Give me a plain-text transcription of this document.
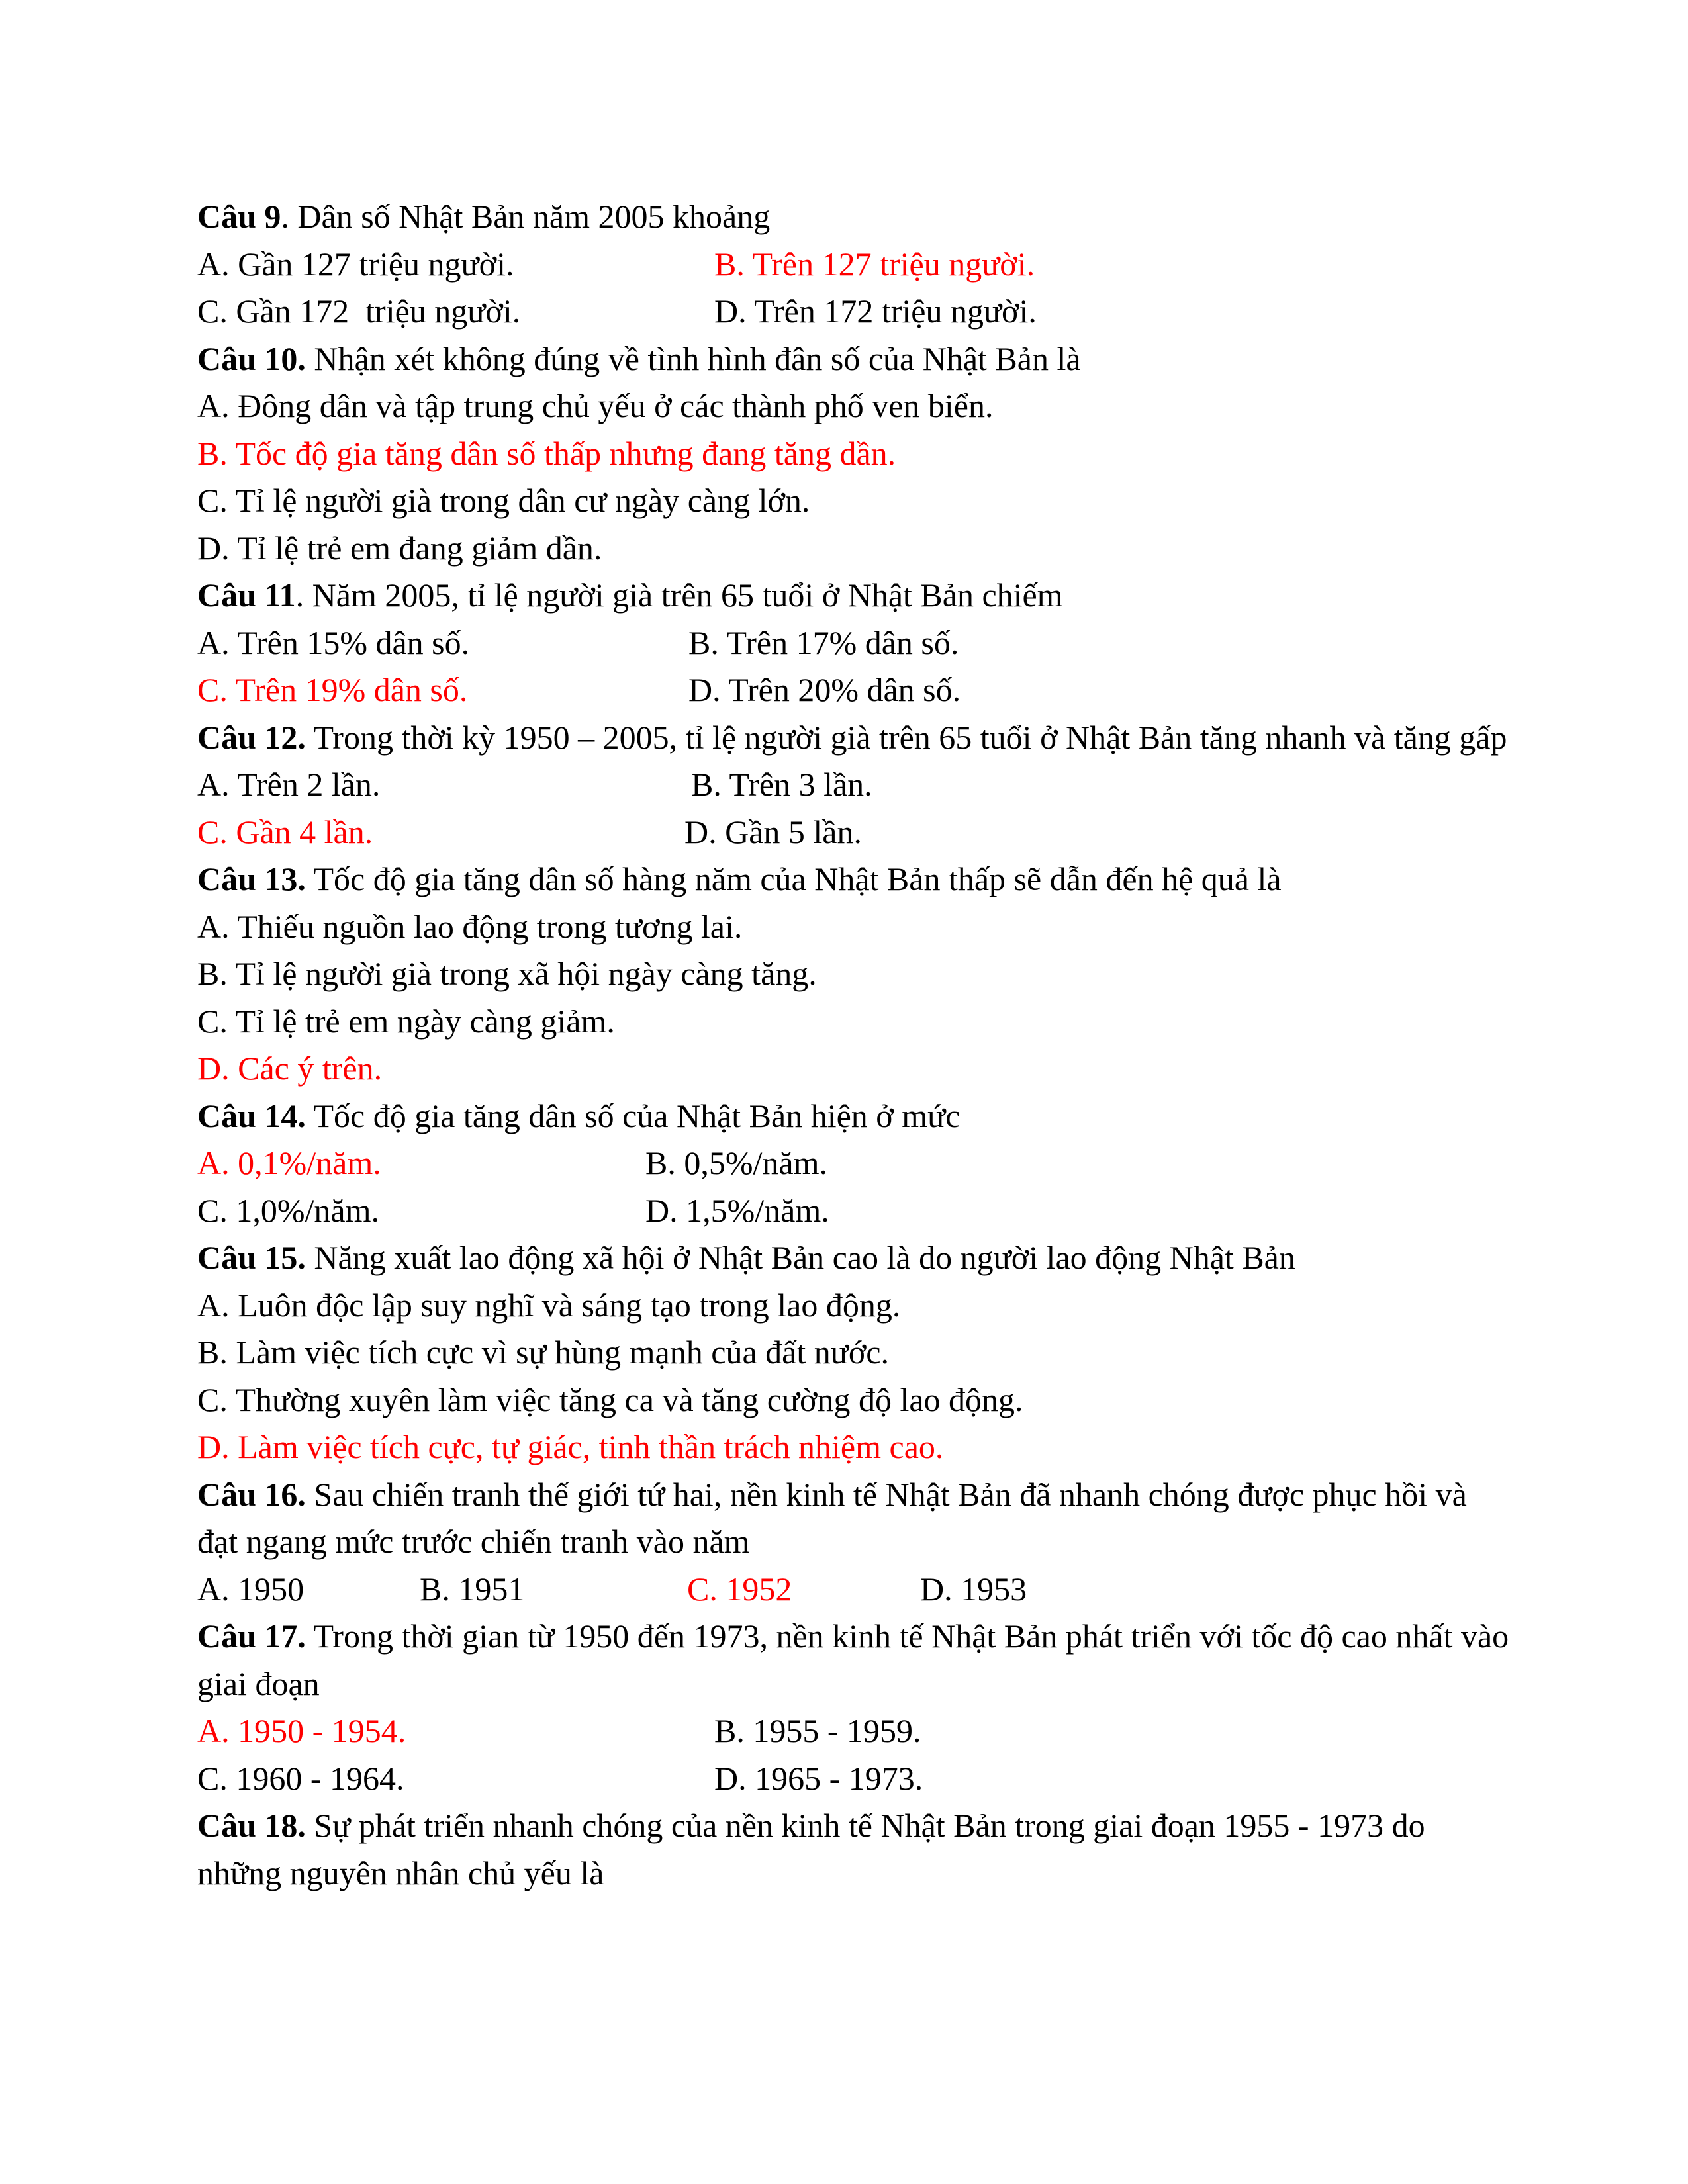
Câu 9. Dân số Nhật Bản năm 2005 khoảng
A. Gần 127 triệu người.	B. Trên 127 triệu người.
C. Gần 172  triệu người.	D. Trên 172 triệu người.
Câu 10. Nhận xét không đúng về tình hình đân số của Nhật Bản là
A. Đông dân và tập trung chủ yếu ở các thành phố ven biển.
B. Tốc độ gia tăng dân số thấp nhưng đang tăng dần.
C. Tỉ lệ người già trong dân cư ngày càng lớn.
D. Tỉ lệ trẻ em đang giảm dần.
Câu 11. Năm 2005, tỉ lệ người già trên 65 tuổi ở Nhật Bản chiếm
A. Trên 15% dân số.	B. Trên 17% dân số.
C. Trên 19% dân số.	D. Trên 20% dân số.
Câu 12. Trong thời kỳ 1950 – 2005, tỉ lệ người già trên 65 tuổi ở Nhật Bản tăng nhanh và tăng gấp
A. Trên 2 lần.	B. Trên 3 lần.
C. Gần 4 lần.	D. Gần 5 lần.
Câu 13. Tốc độ gia tăng dân số hàng năm của Nhật Bản thấp sẽ dẫn đến hệ quả là
A. Thiếu nguồn lao động trong tương lai.
B. Tỉ lệ người già trong xã hội ngày càng tăng.
C. Tỉ lệ trẻ em ngày càng giảm.
D. Các ý trên.
Câu 14. Tốc độ gia tăng dân số của Nhật Bản hiện ở mức
A. 0,1%/năm.	B. 0,5%/năm.
C. 1,0%/năm.	D. 1,5%/năm.
Câu 15. Năng xuất lao động xã hội ở Nhật Bản cao là do người lao động Nhật Bản
A. Luôn độc lập suy nghĩ và sáng tạo trong lao động.
B. Làm việc tích cực vì sự hùng mạnh của đất nước.
C. Thường xuyên làm việc tăng ca và tăng cường độ lao động.
D. Làm việc tích cực, tự giác, tinh thần trách nhiệm cao.
Câu 16. Sau chiến tranh thế giới tứ hai, nền kinh tế Nhật Bản đã nhanh chóng được phục hồi và đạt ngang mức trước chiến tranh vào năm
A. 1950	B. 1951	C. 1952	D. 1953
Câu 17. Trong thời gian từ 1950 đến 1973, nền kinh tế Nhật Bản phát triển với tốc độ cao nhất vào giai đoạn
A. 1950 - 1954.	B. 1955 - 1959.
C. 1960 - 1964.	D. 1965 - 1973.
Câu 18. Sự phát triển nhanh chóng của nền kinh tế Nhật Bản trong giai đoạn 1955 - 1973 do những nguyên nhân chủ yếu là
